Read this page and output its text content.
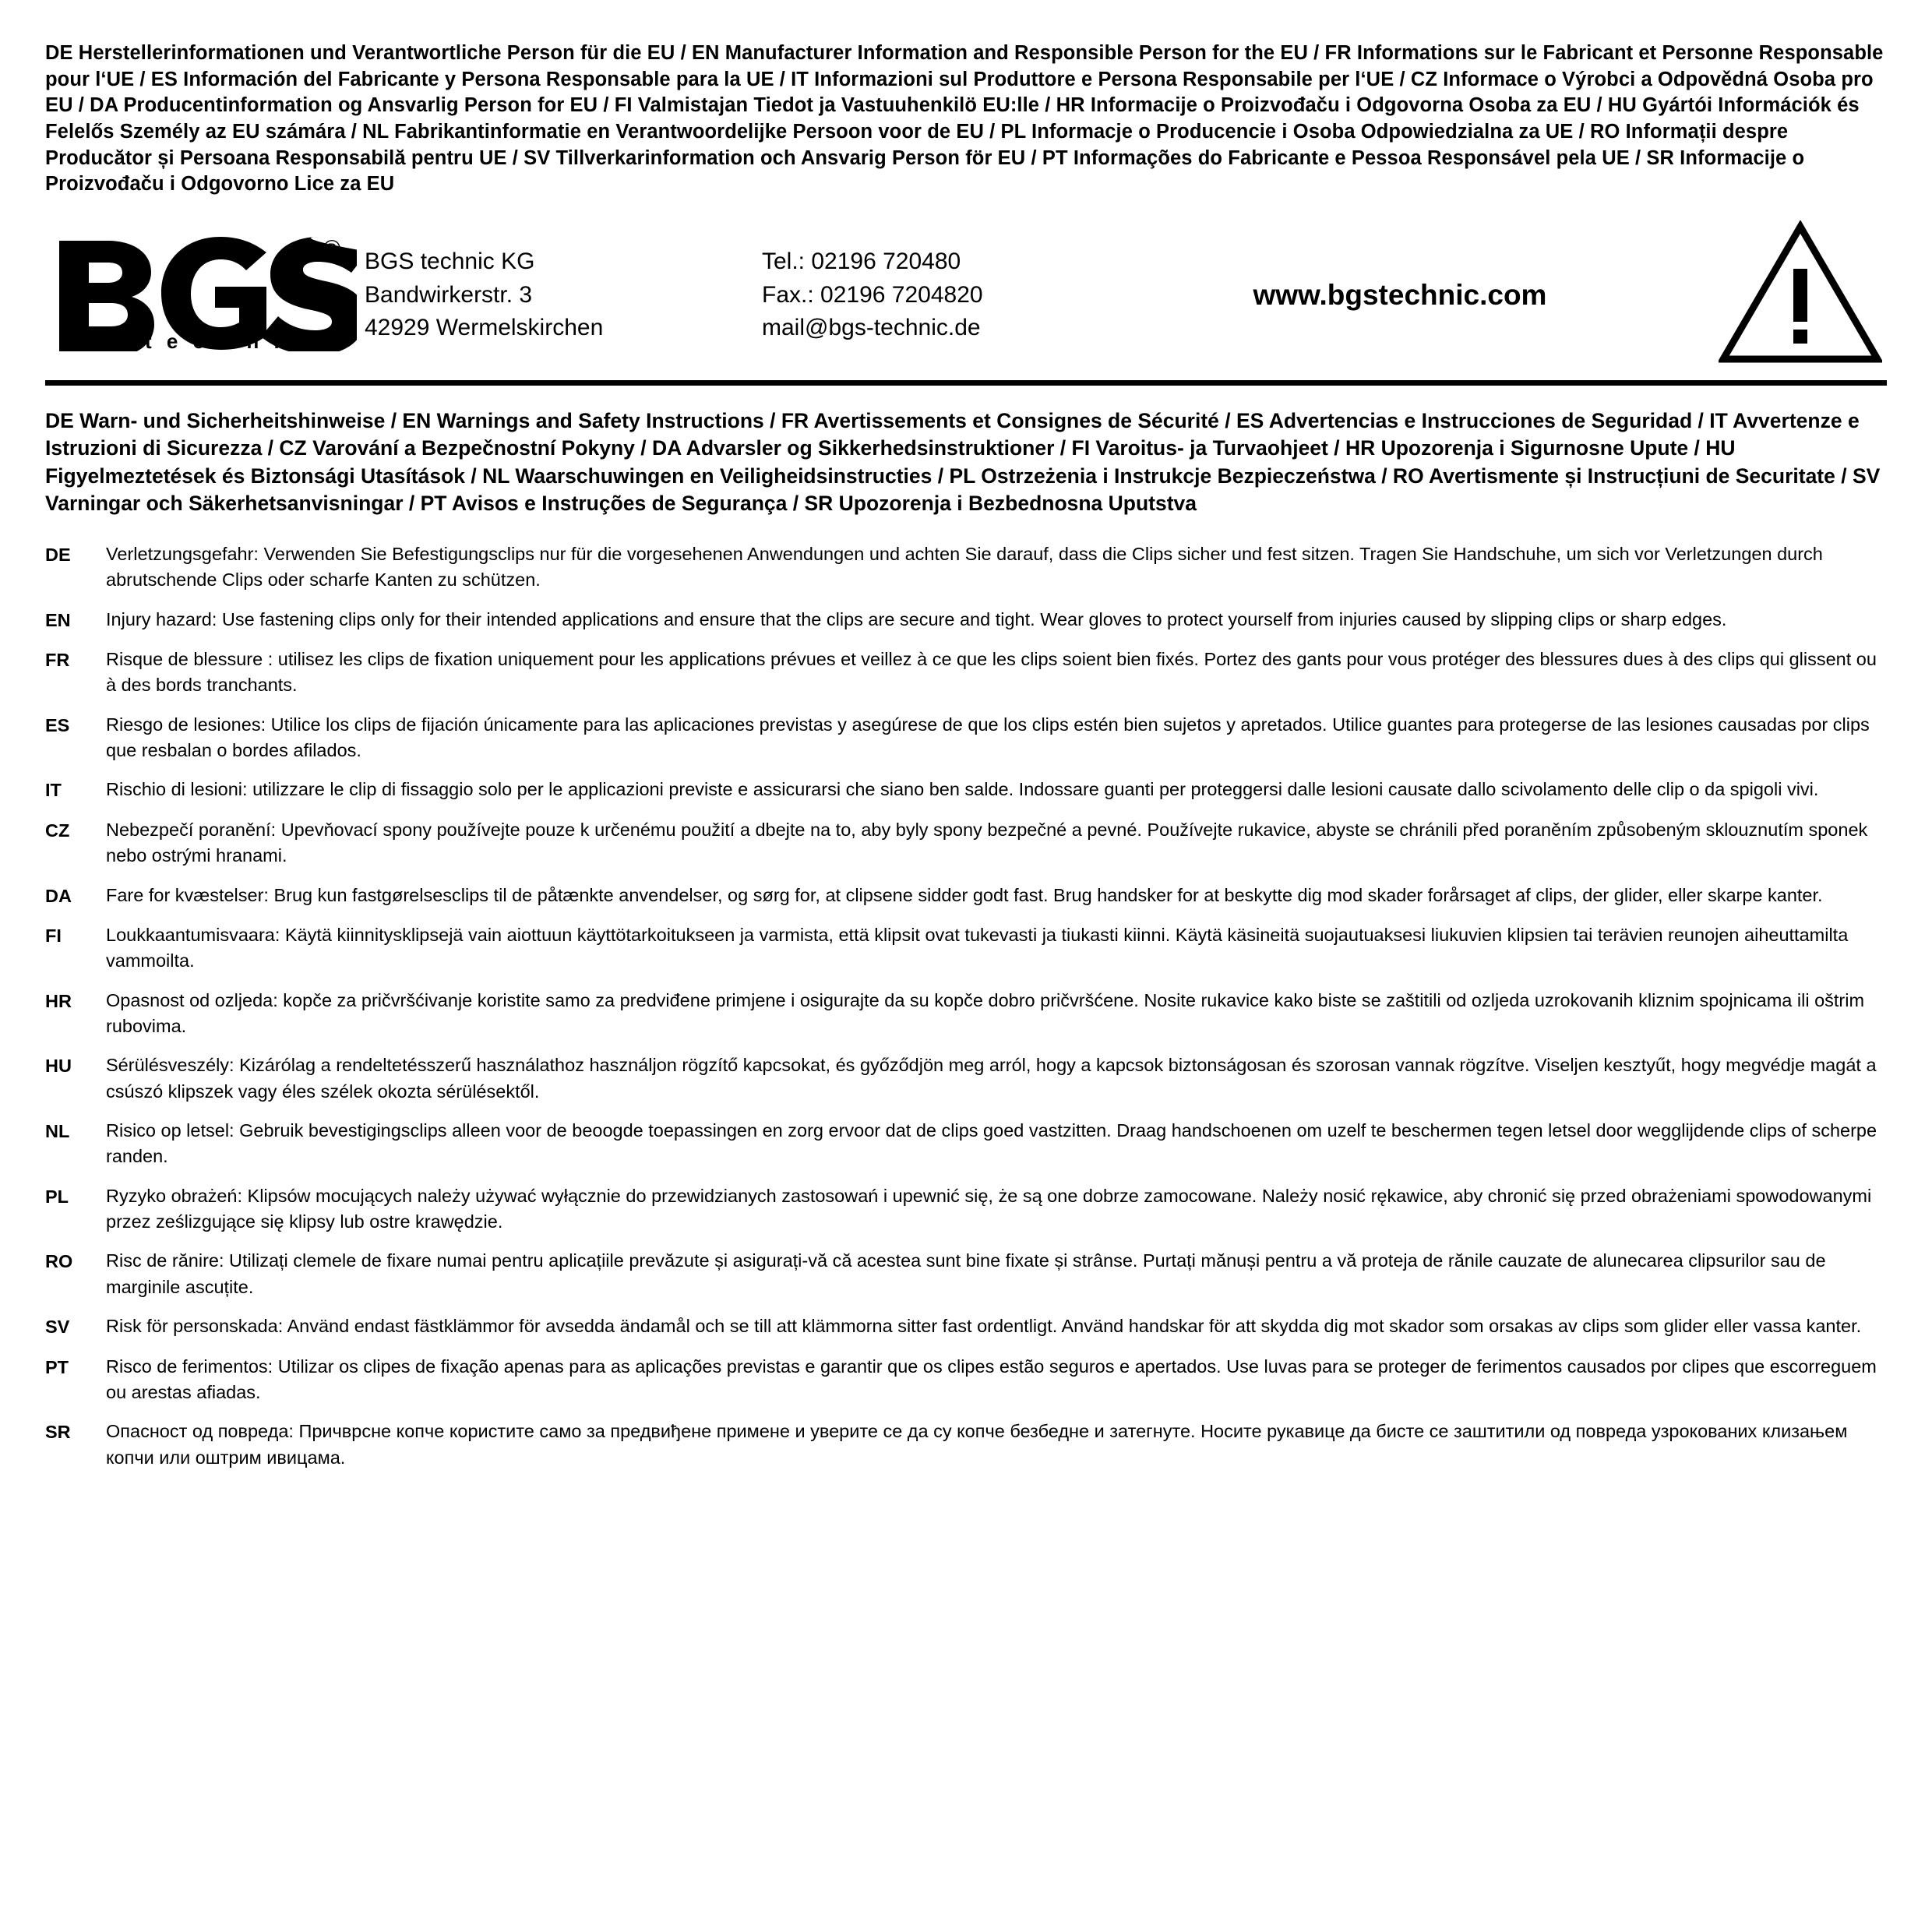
DE Herstellerinformationen und Verantwortliche Person für die EU / EN Manufacturer Information and Responsible Person for the EU / FR Informations sur le Fabricant et Personne Responsable pour l‘UE / ES Información del Fabricante y Persona Responsable para la UE / IT Informazioni sul Produttore e Persona Responsabile per l‘UE / CZ Informace o Výrobci a Odpovědná Osoba pro EU / DA Producentinformation og Ansvarlig Person for EU / FI Valmistajan Tiedot ja Vastuuhenkilö EU:lle / HR Informacije o Proizvođaču i Odgovorna Osoba za EU / HU Gyártói Információk és Felelős Személy az EU számára / NL Fabrikantinformatie en Verantwoordelijke Persoon voor de EU / PL Informacje o Producencie i Osoba Odpowiedzialna za UE / RO Informații despre Producător și Persoana Responsabilă pentru UE / SV Tillverkarinformation och Ansvarig Person för EU / PT Informações do Fabricante e Pessoa Responsável pela UE / SR Informacije o Proizvođaču i Odgovorno Lice za EU
®
t e c h n i c
BGS technic KG
Bandwirkerstr. 3
42929 Wermelskirchen
Tel.: 02196 720480
Fax.: 02196 7204820
mail@bgs-technic.de
www.bgstechnic.com
DE Warn- und Sicherheitshinweise / EN Warnings and Safety Instructions / FR Avertissements et Consignes de Sécurité / ES Advertencias e Instrucciones de Seguridad / IT Avvertenze e Istruzioni di Sicurezza / CZ Varování a Bezpečnostní Pokyny / DA Advarsler og Sikkerhedsinstruktioner / FI Varoitus- ja Turvaohjeet / HR Upozorenja i Sigurnosne Upute / HU Figyelmeztetések és Biztonsági Utasítások / NL Waarschuwingen en Veiligheidsinstructies / PL Ostrzeżenia i Instrukcje Bezpieczeństwa / RO Avertismente și Instrucțiuni de Securitate / SV Varningar och Säkerhetsanvisningar / PT Avisos e Instruções de Segurança / SR Upozorenja i Bezbednosna Uputstva
DE	Verletzungsgefahr: Verwenden Sie Befestigungsclips nur für die vorgesehenen Anwendungen und achten Sie darauf, dass die Clips sicher und fest sitzen. Tragen Sie Handschuhe, um sich vor Verletzungen durch abrutschende Clips oder scharfe Kanten zu schützen.
EN	Injury hazard: Use fastening clips only for their intended applications and ensure that the clips are secure and tight. Wear gloves to protect yourself from injuries caused by slipping clips or sharp edges.
FR	Risque de blessure : utilisez les clips de fixation uniquement pour les applications prévues et veillez à ce que les clips soient bien fixés. Portez des gants pour vous protéger des blessures dues à des clips qui glissent ou à des bords tranchants.
ES	Riesgo de lesiones: Utilice los clips de fijación únicamente para las aplicaciones previstas y asegúrese de que los clips estén bien sujetos y apretados. Utilice guantes para protegerse de las lesiones causadas por clips que resbalan o bordes afilados.
IT	Rischio di lesioni: utilizzare le clip di fissaggio solo per le applicazioni previste e assicurarsi che siano ben salde. Indossare guanti per proteggersi dalle lesioni causate dallo scivolamento delle clip o da spigoli vivi.
CZ	Nebezpečí poranění: Upevňovací spony používejte pouze k určenému použití a dbejte na to, aby byly spony bezpečné a pevné. Používejte rukavice, abyste se chránili před poraněním způsobeným sklouznutím sponek nebo ostrými hranami.
DA	Fare for kvæstelser: Brug kun fastgørelsesclips til de påtænkte anvendelser, og sørg for, at clipsene sidder godt fast. Brug handsker for at beskytte dig mod skader forårsaget af clips, der glider, eller skarpe kanter.
FI	Loukkaantumisvaara: Käytä kiinnitysklipsejä vain aiottuun käyttötarkoitukseen ja varmista, että klipsit ovat tukevasti ja tiukasti kiinni. Käytä käsineitä suojautuaksesi liukuvien klipsien tai terävien reunojen aiheuttamilta vammoilta.
HR	Opasnost od ozljeda: kopče za pričvršćivanje koristite samo za predviđene primjene i osigurajte da su kopče dobro pričvršćene. Nosite rukavice kako biste se zaštitili od ozljeda uzrokovanih kliznim spojnicama ili oštrim rubovima.
HU	Sérülésveszély: Kizárólag a rendeltetésszerű használathoz használjon rögzítő kapcsokat, és győződjön meg arról, hogy a kapcsok biztonságosan és szorosan vannak rögzítve. Viseljen kesztyűt, hogy megvédje magát a csúszó klipszek vagy éles szélek okozta sérülésektől.
NL	Risico op letsel: Gebruik bevestigingsclips alleen voor de beoogde toepassingen en zorg ervoor dat de clips goed vastzitten. Draag handschoenen om uzelf te beschermen tegen letsel door wegglijdende clips of scherpe randen.
PL	Ryzyko obrażeń: Klipsów mocujących należy używać wyłącznie do przewidzianych zastosowań i upewnić się, że są one dobrze zamocowane. Należy nosić rękawice, aby chronić się przed obrażeniami spowodowanymi przez ześlizgujące się klipsy lub ostre krawędzie.
RO	Risc de rănire: Utilizați clemele de fixare numai pentru aplicațiile prevăzute și asigurați-vă că acestea sunt bine fixate și strânse. Purtați mănuși pentru a vă proteja de rănile cauzate de alunecarea clipsurilor sau de marginile ascuțite.
SV	Risk för personskada: Använd endast fästklämmor för avsedda ändamål och se till att klämmorna sitter fast ordentligt. Använd handskar för att skydda dig mot skador som orsakas av clips som glider eller vassa kanter.
PT	Risco de ferimentos: Utilizar os clipes de fixação apenas para as aplicações previstas e garantir que os clipes estão seguros e apertados. Use luvas para se proteger de ferimentos causados por clipes que escorreguem ou arestas afiadas.
SR	Опасност од повреда: Причврсне копче користите само за предвиђене примене и уверите се да су копче безбедне и затегнуте. Носите рукавице да бисте се заштитили од повреда узрокованих клизањем копчи или оштрим ивицама.
